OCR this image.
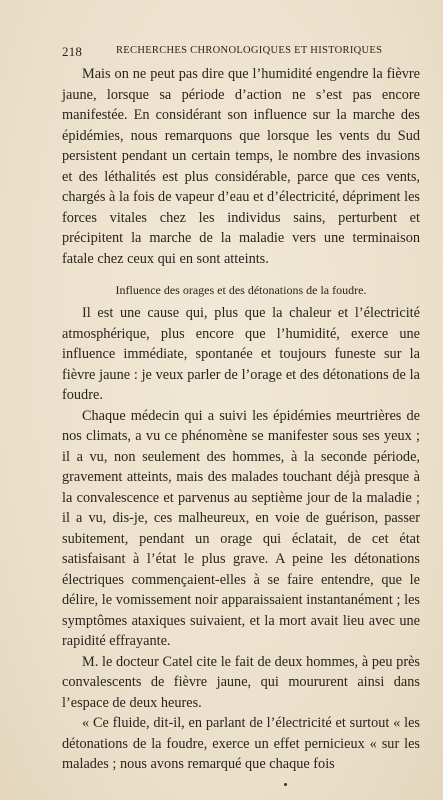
218	RECHERCHES CHRONOLOGIQUES ET HISTORIQUES

Mais on ne peut pas dire que l’humidité engendre la fièvre jaune, lorsque sa période d’action ne s’est pas encore manifestée. En considérant son influence sur la marche des épidémies, nous remarquons que lorsque les vents du Sud persistent pendant un certain temps, le nombre des invasions et des léthalités est plus considérable, parce que ces vents, chargés à la fois de vapeur d’eau et d’électricité, dépriment les forces vitales chez les individus sains, perturbent et précipitent la marche de la maladie vers une terminaison fatale chez ceux qui en sont atteints.

Influence des orages et des détonations de la foudre.

Il est une cause qui, plus que la chaleur et l’électricité atmosphérique, plus encore que l’humidité, exerce une influence immédiate, spontanée et toujours funeste sur la fièvre jaune : je veux parler de l’orage et des détonations de la foudre.

Chaque médecin qui a suivi les épidémies meurtrières de nos climats, a vu ce phénomène se manifester sous ses yeux ; il a vu, non seulement des hommes, à la seconde période, gravement atteints, mais des malades touchant déjà presque à la convalescence et parvenus au septième jour de la maladie ; il a vu, dis-je, ces malheureux, en voie de guérison, passer subitement, pendant un orage qui éclatait, de cet état satisfaisant à l’état le plus grave. A peine les détonations électriques commençaient-elles à se faire entendre, que le délire, le vomissement noir apparaissaient instantanément ; les symptômes ataxiques suivaient, et la mort avait lieu avec une rapidité effrayante.

M. le docteur Catel cite le fait de deux hommes, à peu près convalescents de fièvre jaune, qui moururent ainsi dans l’espace de deux heures.

« Ce fluide, dit-il, en parlant de l’électricité et surtout « les détonations de la foudre, exerce un effet pernicieux « sur les malades ; nous avons remarqué que chaque fois
